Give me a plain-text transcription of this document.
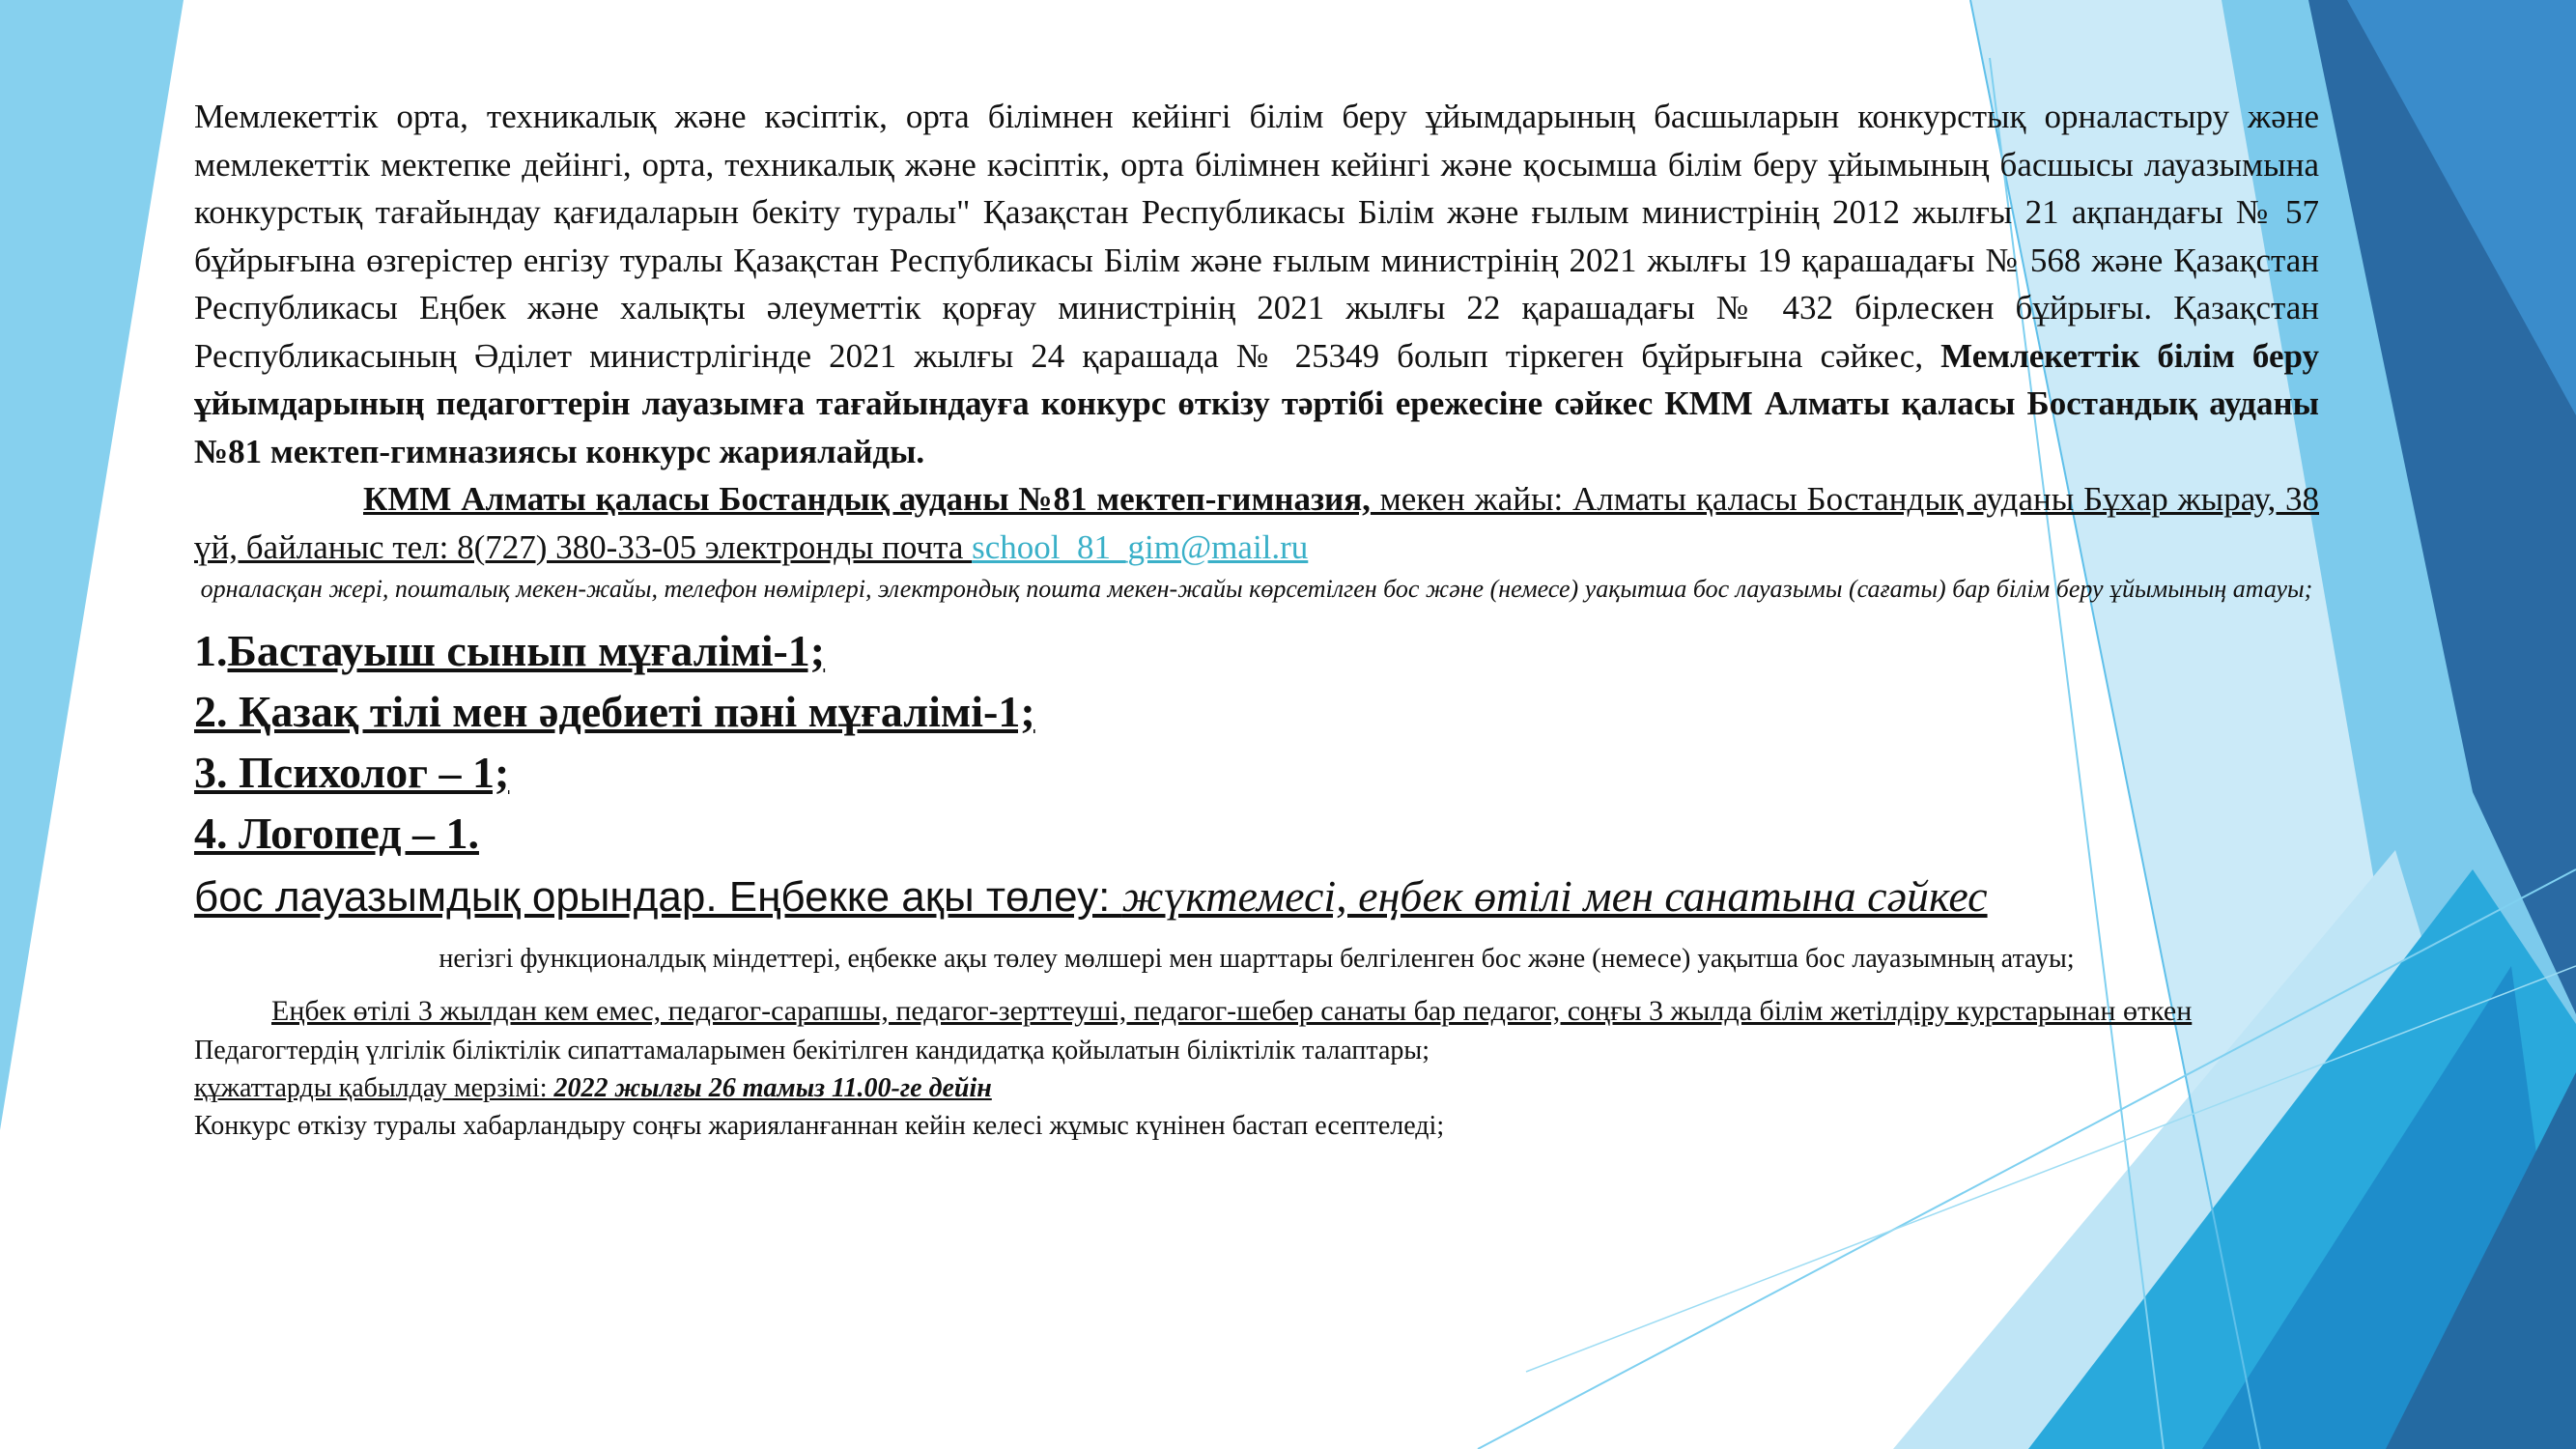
Мемлекеттік орта, техникалық және кәсіптік, орта білімнен кейінгі білім беру ұйымдарының басшыларын конкурстық орналастыру және мемлекеттік мектепке дейінгі, орта, техникалық және кәсіптік, орта білімнен кейінгі және қосымша білім беру ұйымының басшысы лауазымына конкурстық тағайындау қағидаларын бекіту туралы" Қазақстан Республикасы Білім және ғылым министрінің 2012 жылғы 21 ақпандағы № 57 бұйрығына өзгерістер енгізу туралы Қазақстан Республикасы Білім және ғылым министрінің 2021 жылғы 19 қарашадағы № 568 және Қазақстан Республикасы Еңбек және халықты әлеуметтік қорғау министрінің 2021 жылғы 22 қарашадағы № 432 бірлескен бұйрығы. Қазақстан Республикасының Әділет министрлігінде 2021 жылғы 24 қарашада № 25349 болып тіркеген бұйрығына сәйкес, Мемлекеттік білім беру ұйымдарының педагогтерін лауазымға тағайындауға конкурс өткізу тәртібі ережесіне сәйкес КММ Алматы қаласы Бостандық ауданы №81 мектеп-гимназиясы конкурс жариялайды.

КММ Алматы қаласы Бостандық ауданы №81 мектеп-гимназия, мекен жайы: Алматы қаласы Бостандық ауданы Бұхар жырау, 38 үй, байланыс тел: 8(727) 380-33-05 электронды почта school_81_gim@mail.ru

орналасқан жері, пошталық мекен-жайы, телефон нөмірлері, электрондық пошта мекен-жайы көрсетілген бос және (немесе) уақытша бос лауазымы (сағаты) бар білім беру ұйымының атауы;

1.Бастауыш сынып мұғалімі-1;

2. Қазақ тілі мен әдебиеті пәні мұғалімі-1;

3. Психолог – 1;

4. Логопед – 1.

бос лауазымдық орындар. Еңбекке ақы төлеу: жүктемесі, еңбек өтілі мен санатына сәйкес

негізгі функционалдық міндеттері, еңбекке ақы төлеу мөлшері мен шарттары белгіленген бос және (немесе) уақытша бос лауазымның атауы;

Еңбек өтілі 3 жылдан кем емес, педагог-сарапшы, педагог-зерттеуші, педагог-шебер санаты бар педагог, соңғы 3 жылда білім жетілдіру курстарынан өткен

Педагогтердің үлгілік біліктілік сипаттамаларымен бекітілген кандидатқа қойылатын біліктілік талаптары;

құжаттарды қабылдау мерзімі: 2022 жылғы 26 тамыз 11.00-ге дейін

Конкурс өткізу туралы хабарландыру соңғы жарияланғаннан кейін келесі жұмыс күнінен бастап есептеледі;
